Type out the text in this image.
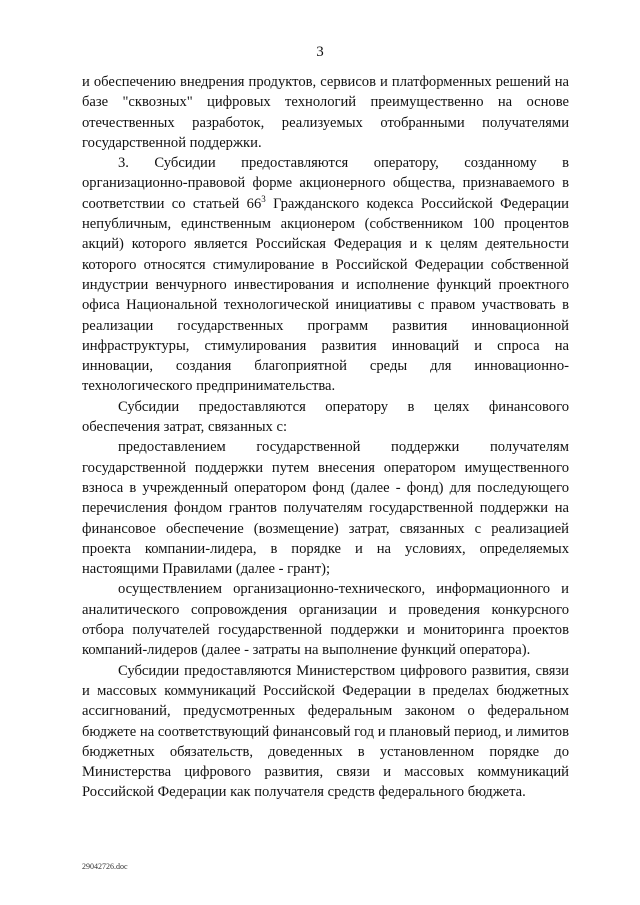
3

и обеспечению внедрения продуктов, сервисов и платформенных решений на базе "сквозных" цифровых технологий преимущественно на основе отечественных разработок, реализуемых отобранными получателями государственной поддержки.

3. Субсидии предоставляются оператору, созданному в организационно-правовой форме акционерного общества, признаваемого в соответствии со статьей $66^3$ Гражданского кодекса Российской Федерации непубличным, единственным акционером (собственником 100 процентов акций) которого является Российская Федерация и к целям деятельности которого относятся стимулирование в Российской Федерации собственной индустрии венчурного инвестирования и исполнение функций проектного офиса Национальной технологической инициативы с правом участвовать в реализации государственных программ развития инновационной инфраструктуры, стимулирования развития инноваций и спроса на инновации, создания благоприятной среды для инновационно-технологического предпринимательства.

Субсидии предоставляются оператору в целях финансового обеспечения затрат, связанных с:

предоставлением государственной поддержки получателям государственной поддержки путем внесения оператором имущественного взноса в учрежденный оператором фонд (далее - фонд) для последующего перечисления фондом грантов получателям государственной поддержки на финансовое обеспечение (возмещение) затрат, связанных с реализацией проекта компании-лидера, в порядке и на условиях, определяемых настоящими Правилами (далее - грант);

осуществлением организационно-технического, информационного и аналитического сопровождения организации и проведения конкурсного отбора получателей государственной поддержки и мониторинга проектов компаний-лидеров (далее - затраты на выполнение функций оператора).

Субсидии предоставляются Министерством цифрового развития, связи и массовых коммуникаций Российской Федерации в пределах бюджетных ассигнований, предусмотренных федеральным законом о федеральном бюджете на соответствующий финансовый год и плановый период, и лимитов бюджетных обязательств, доведенных в установленном порядке до Министерства цифрового развития, связи и массовых коммуникаций Российской Федерации как получателя средств федерального бюджета.

29042726.doc
